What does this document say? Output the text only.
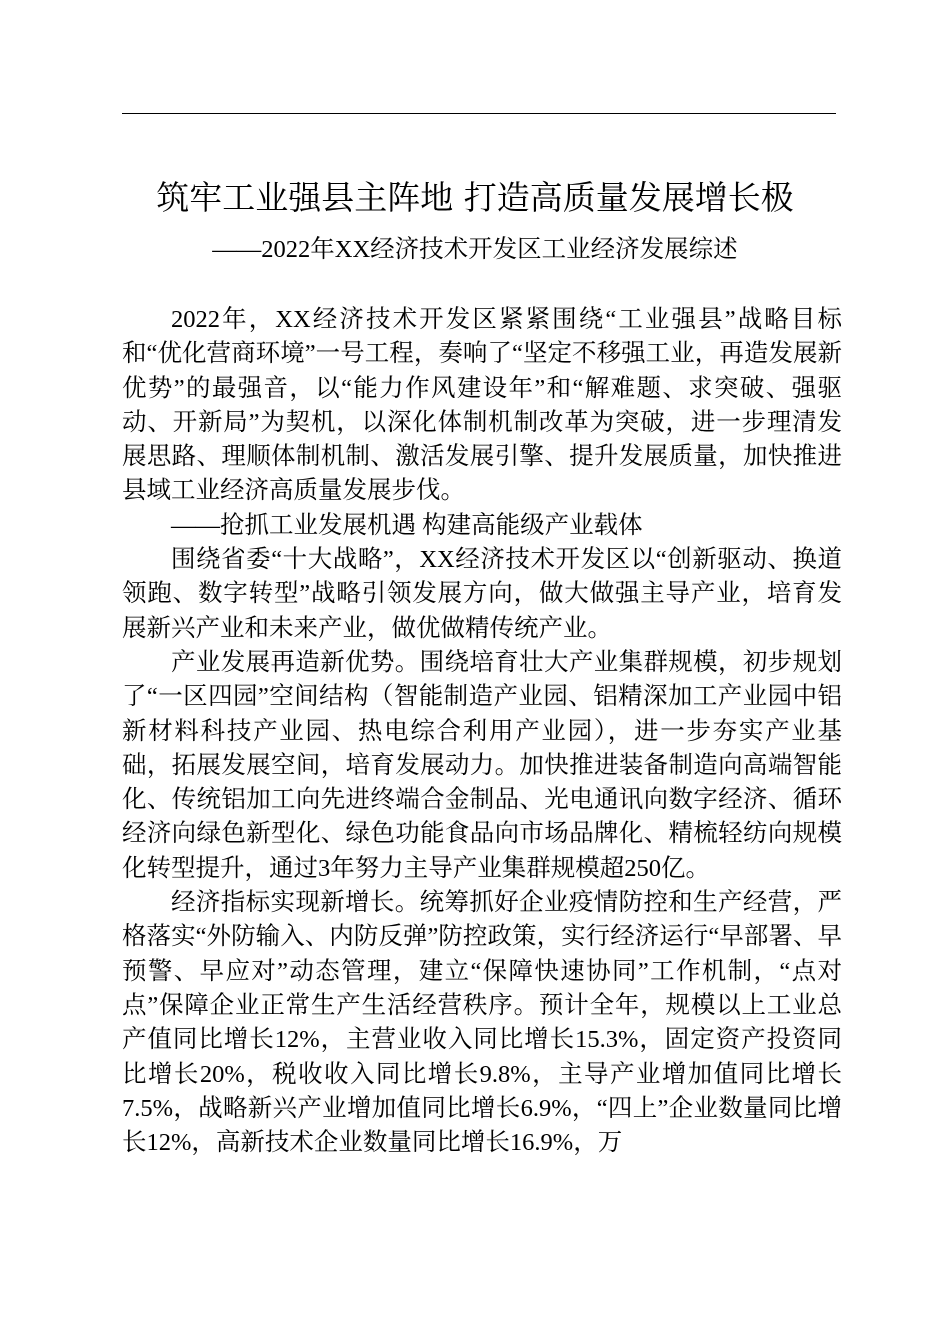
筑牢工业强县主阵地 打造高质量发展增长极
——2022年XX经济技术开发区工业经济发展综述

2022年，XX经济技术开发区紧紧围绕“工业强县”战略目标和“优化营商环境”一号工程，奏响了“坚定不移强工业，再造发展新优势”的最强音，以“能力作风建设年”和“解难题、求突破、强驱动、开新局”为契机，以深化体制机制改革为突破，进一步理清发展思路、理顺体制机制、激活发展引擎、提升发展质量，加快推进县域工业经济高质量发展步伐。

——抢抓工业发展机遇 构建高能级产业载体

围绕省委“十大战略”，XX经济技术开发区以“创新驱动、换道领跑、数字转型”战略引领发展方向，做大做强主导产业，培育发展新兴产业和未来产业，做优做精传统产业。

产业发展再造新优势。围绕培育壮大产业集群规模，初步规划了“一区四园”空间结构（智能制造产业园、铝精深加工产业园中铝新材料科技产业园、热电综合利用产业园），进一步夯实产业基础，拓展发展空间，培育发展动力。加快推进装备制造向高端智能化、传统铝加工向先进终端合金制品、光电通讯向数字经济、循环经济向绿色新型化、绿色功能食品向市场品牌化、精梳轻纺向规模化转型提升，通过3年努力主导产业集群规模超250亿。

经济指标实现新增长。统筹抓好企业疫情防控和生产经营，严格落实“外防输入、内防反弹”防控政策，实行经济运行“早部署、早预警、早应对”动态管理，建立“保障快速协同”工作机制，“点对点”保障企业正常生产生活经营秩序。预计全年，规模以上工业总产值同比增长12%，主营业收入同比增长15.3%，固定资产投资同比增长20%，税收收入同比增长9.8%，主导产业增加值同比增长7.5%，战略新兴产业增加值同比增长6.9%，“四上”企业数量同比增长12%，高新技术企业数量同比增长16.9%，万
